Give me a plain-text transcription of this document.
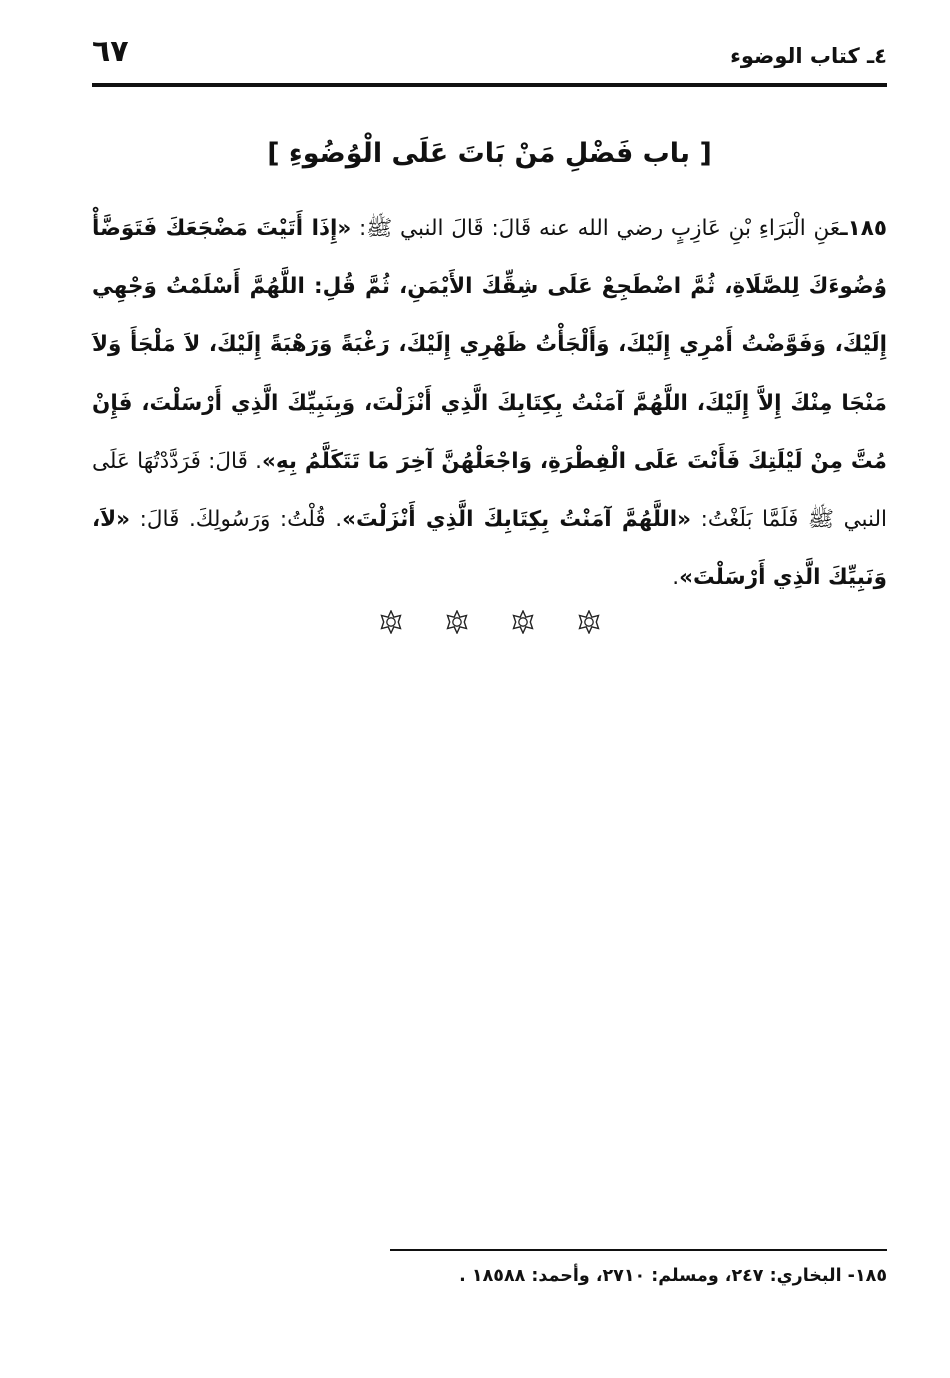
٤ـ كتاب الوضوء
٦٧
[ باب فَضْلِ مَنْ بَاتَ عَلَى الْوُضُوءِ ]
١٨٥ـعَنِ الْبَرَاءِ بْنِ عَازِبٍ رضي الله عنه قَالَ: قَالَ النبي ﷺ: «إِذَا أَتَيْتَ مَضْجَعَكَ فَتَوَضَّأْ وُضُوءَكَ لِلصَّلَاةِ، ثُمَّ اضْطَجِعْ عَلَى شِقِّكَ الأَيْمَنِ، ثُمَّ قُلِ: اللَّهُمَّ أَسْلَمْتُ وَجْهِي إِلَيْكَ، وَفَوَّضْتُ أَمْرِي إِلَيْكَ، وَأَلْجَأْتُ ظَهْرِي إِلَيْكَ، رَغْبَةً وَرَهْبَةً إِلَيْكَ، لاَ مَلْجَأَ وَلاَ مَنْجَا مِنْكَ إِلاَّ إِلَيْكَ، اللَّهُمَّ آمَنْتُ بِكِتَابِكَ الَّذِي أَنْزَلْتَ، وَبِنَبِيِّكَ الَّذِي أَرْسَلْتَ، فَإِنْ مُتَّ مِنْ لَيْلَتِكَ فَأَنْتَ عَلَى الْفِطْرَةِ، وَاجْعَلْهُنَّ آخِرَ مَا تَتَكَلَّمُ بِهِ». قَالَ: فَرَدَّدْتُهَا عَلَى النبي ﷺ فَلَمَّا بَلَغْتُ: «اللَّهُمَّ آمَنْتُ بِكِتَابِكَ الَّذِي أَنْزَلْتَ». قُلْتُ: وَرَسُولِكَ. قَالَ: «لاَ، وَنَبِيِّكَ الَّذِي أَرْسَلْتَ».
١٨٥- البخاري: ٢٤٧، ومسلم: ٢٧١٠، وأحمد: ١٨٥٨٨ .
